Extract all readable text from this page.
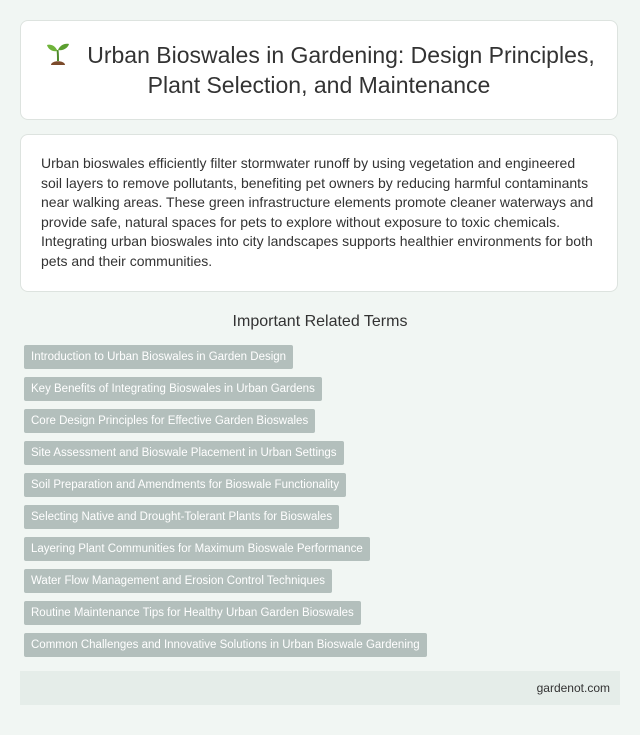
Urban Bioswales in Gardening: Design Principles, Plant Selection, and Maintenance

Urban bioswales efficiently filter stormwater runoff by using vegetation and engineered soil layers to remove pollutants, benefiting pet owners by reducing harmful contaminants near walking areas. These green infrastructure elements promote cleaner waterways and provide safe, natural spaces for pets to explore without exposure to toxic chemicals. Integrating urban bioswales into city landscapes supports healthier environments for both pets and their communities.

Important Related Terms
Introduction to Urban Bioswales in Garden Design
Key Benefits of Integrating Bioswales in Urban Gardens
Core Design Principles for Effective Garden Bioswales
Site Assessment and Bioswale Placement in Urban Settings
Soil Preparation and Amendments for Bioswale Functionality
Selecting Native and Drought-Tolerant Plants for Bioswales
Layering Plant Communities for Maximum Bioswale Performance
Water Flow Management and Erosion Control Techniques
Routine Maintenance Tips for Healthy Urban Garden Bioswales
Common Challenges and Innovative Solutions in Urban Bioswale Gardening
gardenot.com
